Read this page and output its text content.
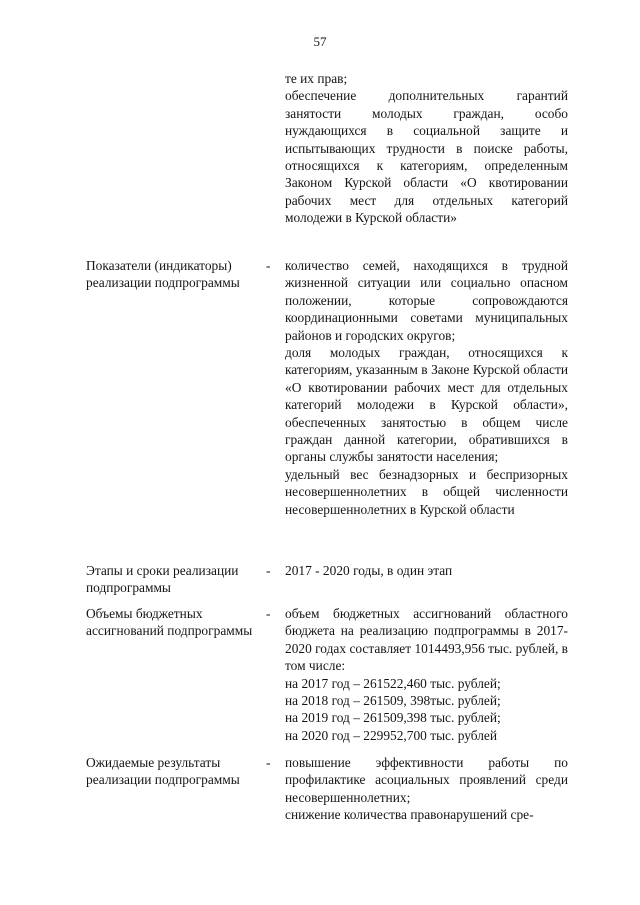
57

те их прав;

обеспечение дополнительных гарантий занятости молодых граждан, особо нуждающихся в социальной защите и испытывающих трудности в поиске работы, относящихся к категориям, определенным Законом Курской области «О квотировании рабочих мест для отдельных категорий молодежи в Курской области»

Показатели (индикаторы) реализации подпрограммы
- количество семей, находящихся в трудной жизненной ситуации или социально опасном положении, которые сопровождаются координационными советами муниципальных районов и городских округов;

доля молодых граждан, относящихся к категориям, указанным в Законе Курской области «О квотировании рабочих мест для отдельных категорий молодежи в Курской области», обеспеченных занятостью в общем числе граждан данной категории, обратившихся в органы службы занятости населения;

удельный вес безнадзорных и беспризорных несовершеннолетних в общей численности несовершеннолетних в Курской области

Этапы и сроки реализации подпрограммы
- 2017 - 2020 годы, в один этап

Объемы бюджетных ассигнований подпрограммы
- объем бюджетных ассигнований областного бюджета на реализацию подпрограммы в 2017-2020 годах составляет 1014493,956 тыс. рублей, в том числе:

на 2017 год – 261522,460 тыс. рублей;

на 2018 год – 261509, 398тыс. рублей;

на 2019 год – 261509,398 тыс. рублей;

на 2020 год – 229952,700 тыс. рублей

Ожидаемые результаты реализации подпрограммы
- повышение эффективности работы по профилактике асоциальных проявлений среди несовершеннолетних;

снижение количества правонарушений сре-
